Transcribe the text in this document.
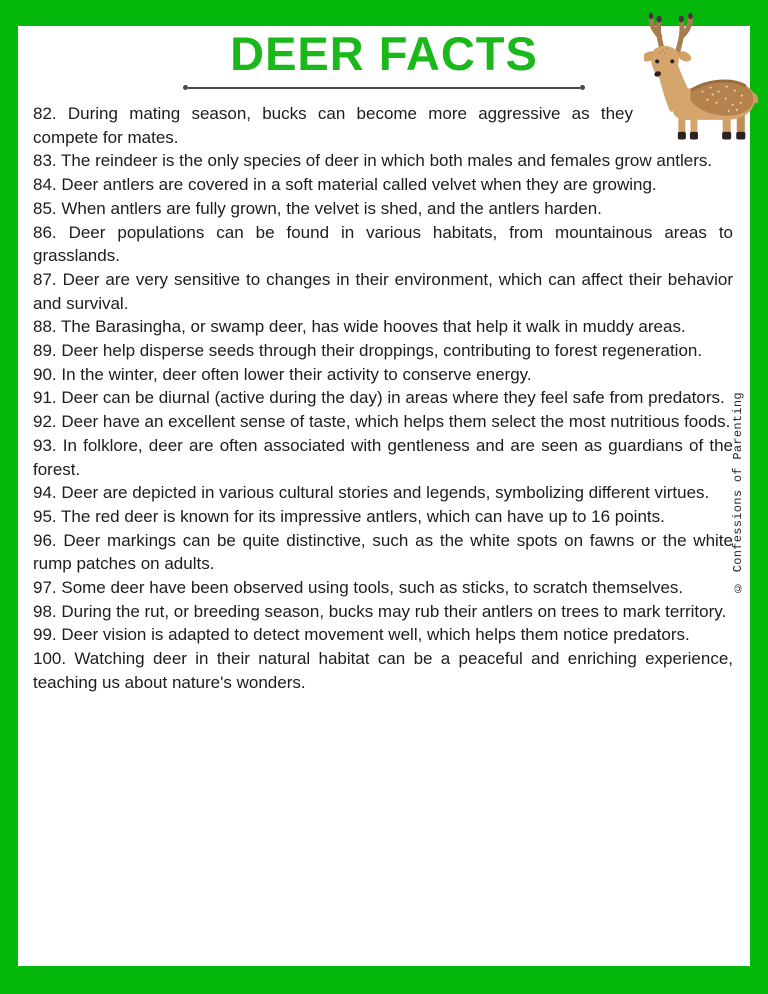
DEER FACTS

82. During mating season, bucks can become more aggressive as they compete for mates.

83. The reindeer is the only species of deer in which both males and females grow antlers.

84. Deer antlers are covered in a soft material called velvet when they are growing.

85. When antlers are fully grown, the velvet is shed, and the antlers harden.

86. Deer populations can be found in various habitats, from mountainous areas to grasslands.

87. Deer are very sensitive to changes in their environment, which can affect their behavior and survival.

88. The Barasingha, or swamp deer, has wide hooves that help it walk in muddy areas.

89. Deer help disperse seeds through their droppings, contributing to forest regeneration.

90. In the winter, deer often lower their activity to conserve energy.

91. Deer can be diurnal (active during the day) in areas where they feel safe from predators.

92. Deer have an excellent sense of taste, which helps them select the most nutritious foods.

93. In folklore, deer are often associated with gentleness and are seen as guardians of the forest.

94. Deer are depicted in various cultural stories and legends, symbolizing different virtues.

95. The red deer is known for its impressive antlers, which can have up to 16 points.

96. Deer markings can be quite distinctive, such as the white spots on fawns or the white rump patches on adults.

97. Some deer have been observed using tools, such as sticks, to scratch themselves.

98. During the rut, or breeding season, bucks may rub their antlers on trees to mark territory.

99. Deer vision is adapted to detect movement well, which helps them notice predators.

100. Watching deer in their natural habitat can be a peaceful and enriching experience, teaching us about nature's wonders.

© Confessions of Parenting
